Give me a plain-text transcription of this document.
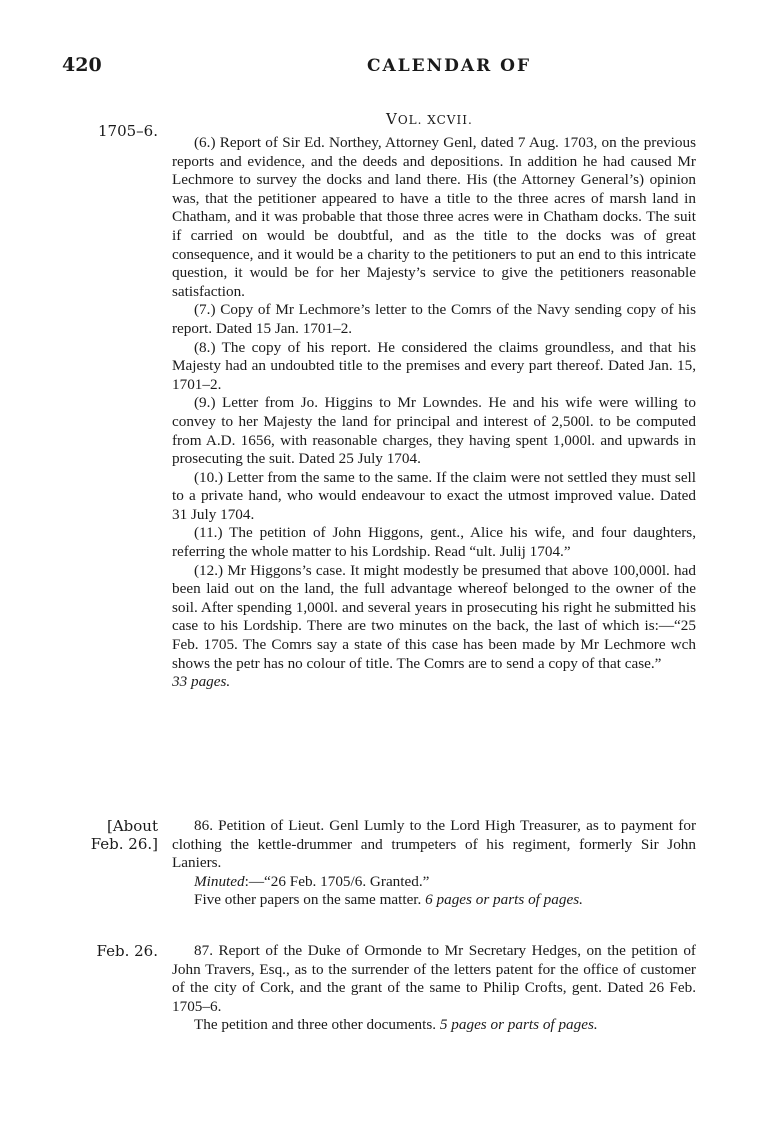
420	CALENDAR OF
VOL. XCVII.
1705–6.
[About
Feb. 26.]
Feb. 26.

(6.) Report of Sir Ed. Northey, Attorney Genl, dated 7 Aug. 1703, on the previous reports and evidence, and the deeds and depositions. In addition he had caused Mr Lechmore to survey the docks and land there. His (the Attorney General’s) opinion was, that the petitioner appeared to have a title to the three acres of marsh land in Chatham, and it was probable that those three acres were in Chatham docks. The suit if carried on would be doubtful, and as the title to the docks was of great consequence, and it would be a charity to the petitioners to put an end to this intricate question, it would be for her Majesty’s service to give the petitioners reasonable satisfaction.

(7.) Copy of Mr Lechmore’s letter to the Comrs of the Navy sending copy of his report. Dated 15 Jan. 1701–2.

(8.) The copy of his report. He considered the claims groundless, and that his Majesty had an undoubted title to the premises and every part thereof. Dated Jan. 15, 1701–2.

(9.) Letter from Jo. Higgins to Mr Lowndes. He and his wife were willing to convey to her Majesty the land for principal and interest of 2,500l. to be computed from A.D. 1656, with reasonable charges, they having spent 1,000l. and upwards in prosecuting the suit. Dated 25 July 1704.

(10.) Letter from the same to the same. If the claim were not settled they must sell to a private hand, who would endeavour to exact the utmost improved value. Dated 31 July 1704.

(11.) The petition of John Higgons, gent., Alice his wife, and four daughters, referring the whole matter to his Lordship. Read “ult. Julij 1704.”

(12.) Mr Higgons’s case. It might modestly be presumed that above 100,000l. had been laid out on the land, the full advantage whereof belonged to the owner of the soil. After spending 1,000l. and several years in prosecuting his right he submitted his case to his Lordship. There are two minutes on the back, the last of which is:—“25 Feb. 1705. The Comrs say a state of this case has been made by Mr Lechmore wch shows the petr has no colour of title. The Comrs are to send a copy of that case.”

33 pages.

86. Petition of Lieut. Genl Lumly to the Lord High Treasurer, as to payment for clothing the kettle-drummer and trumpeters of his regiment, formerly Sir John Laniers.

Minuted:—“26 Feb. 1705/6. Granted.”

Five other papers on the same matter. 6 pages or parts of pages.

87. Report of the Duke of Ormonde to Mr Secretary Hedges, on the petition of John Travers, Esq., as to the surrender of the letters patent for the office of customer of the city of Cork, and the grant of the same to Philip Crofts, gent. Dated 26 Feb. 1705–6.

The petition and three other documents. 5 pages or parts of pages.
